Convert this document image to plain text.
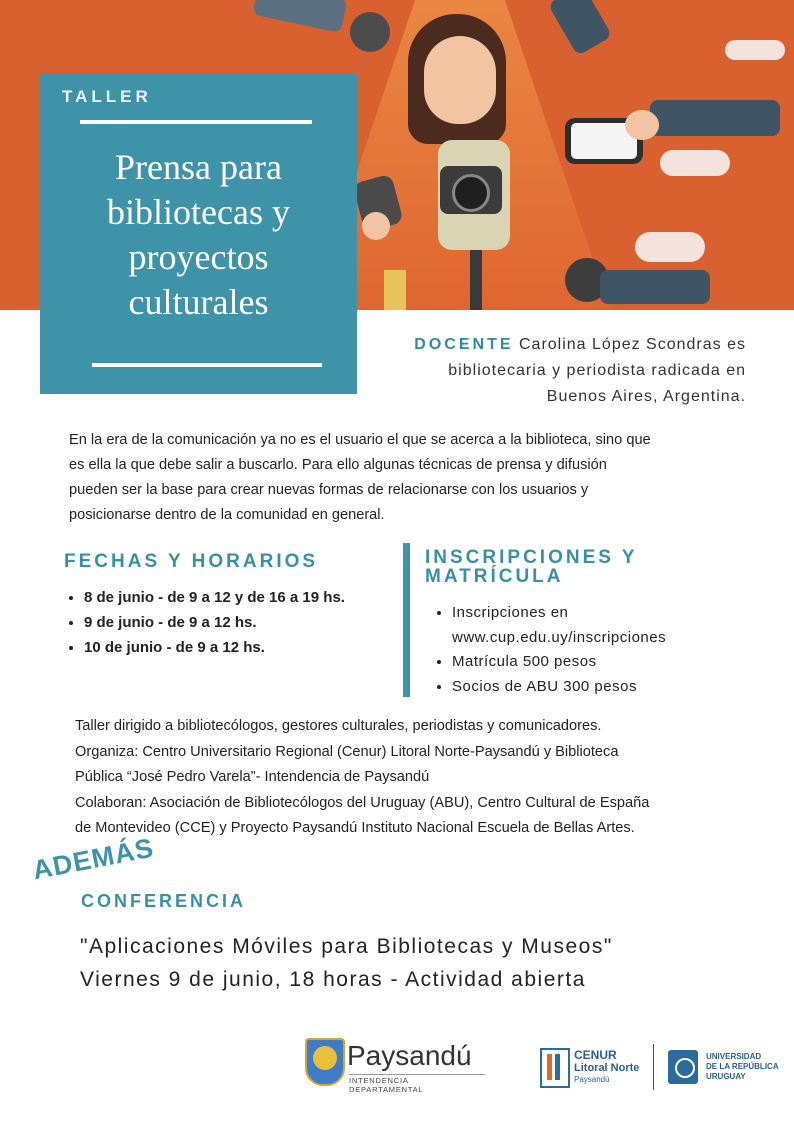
TALLER
Prensa para
bibliotecas y
proyectos
culturales
DOCENTE Carolina López Scondras es
bibliotecaria y periodista radicada en
Buenos Aires, Argentina.
En la era de la comunicación ya no es el usuario el que se acerca a la biblioteca, sino que
es ella la que debe salir a buscarlo. Para ello algunas técnicas de prensa y difusión
pueden ser la base para crear nuevas formas de relacionarse con los usuarios y
posicionarse dentro de la comunidad en general.
FECHAS Y HORARIOS
• 8 de junio - de 9 a 12 y de 16 a 19 hs.
• 9 de junio - de 9 a 12 hs.
• 10 de junio - de 9 a 12 hs.
INSCRIPCIONES Y
MATRÍCULA
• Inscripciones en
www.cup.edu.uy/inscripciones
• Matrícula 500 pesos
• Socios de ABU 300 pesos
Taller dirigido a bibliotecólogos, gestores culturales, periodistas y comunicadores.
Organiza: Centro Universitario Regional (Cenur) Litoral Norte-Paysandú y Biblioteca
Pública “José Pedro Varela”- Intendencia de Paysandú
Colaboran: Asociación de Bibliotecólogos del Uruguay (ABU), Centro Cultural de España
de Montevideo (CCE) y Proyecto Paysandú Instituto Nacional Escuela de Bellas Artes.
ADEMÁS
CONFERENCIA
"Aplicaciones Móviles para Bibliotecas y Museos"
Viernes 9 de junio, 18 horas - Actividad abierta
Paysandú
INTENDENCIA DEPARTAMENTAL
CENUR
Litoral Norte
Paysandú
UNIVERSIDAD
DE LA REPÚBLICA
URUGUAY
